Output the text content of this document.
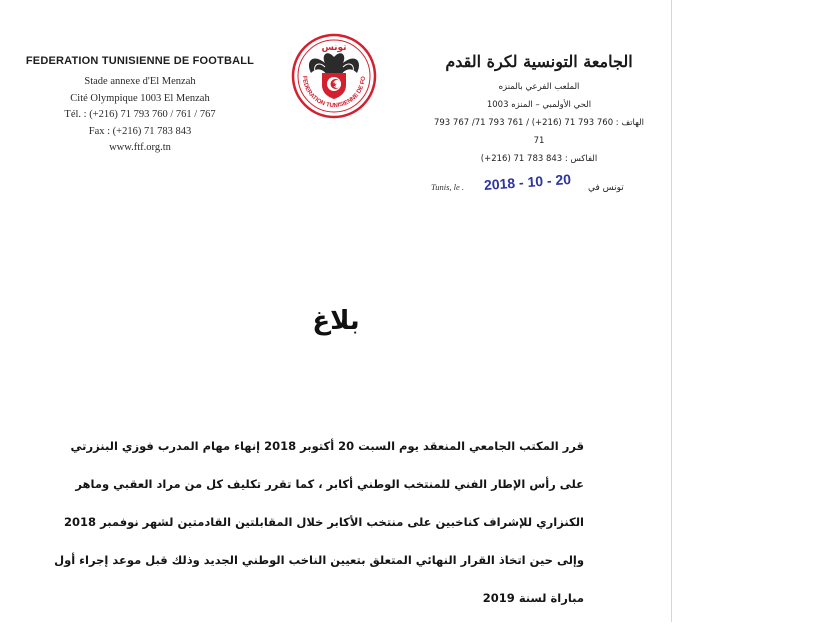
FEDERATION TUNISIENNE DE FOOTBALL
Stade annexe d'El Menzah
Cité Olympique 1003 El Menzah
Tél. : (+216) 71 793 760 / 761 / 767
Fax : (+216) 71 783 843
www.ftf.org.tn
FEDERATION TUNISIENNE DE FO
تونس
الجامعة التونسية لكرة القدم
الملعب الفرعي بالمنزه
الحي الأولمبي – المنزه 1003
الهاتف : 760 793 71 (216+) / 761 793 71/ 767 793 71
الفاكس : 843 783 71 (216+)
Tunis, le . 2018 - 10 - 20 تونس في
بلاغ
قرر المكتب الجامعي المنعقد يوم السبت 20 أكتوبر 2018 إنهاء مهام المدرب فوزي البنزرتي
على رأس الإطار الفني للمنتخب الوطني أكابر ، كما تقرر تكليف كل من مراد العقبي وماهر
الكنزاري للإشراف كناخبين على منتخب الأكابر خلال المقابلتين القادمتين لشهر نوفمبر 2018
وإلى حين اتخاذ القرار النهائي المتعلق بتعيين الناخب الوطني الجديد وذلك قبل موعد إجراء أول
مباراة لسنة 2019
